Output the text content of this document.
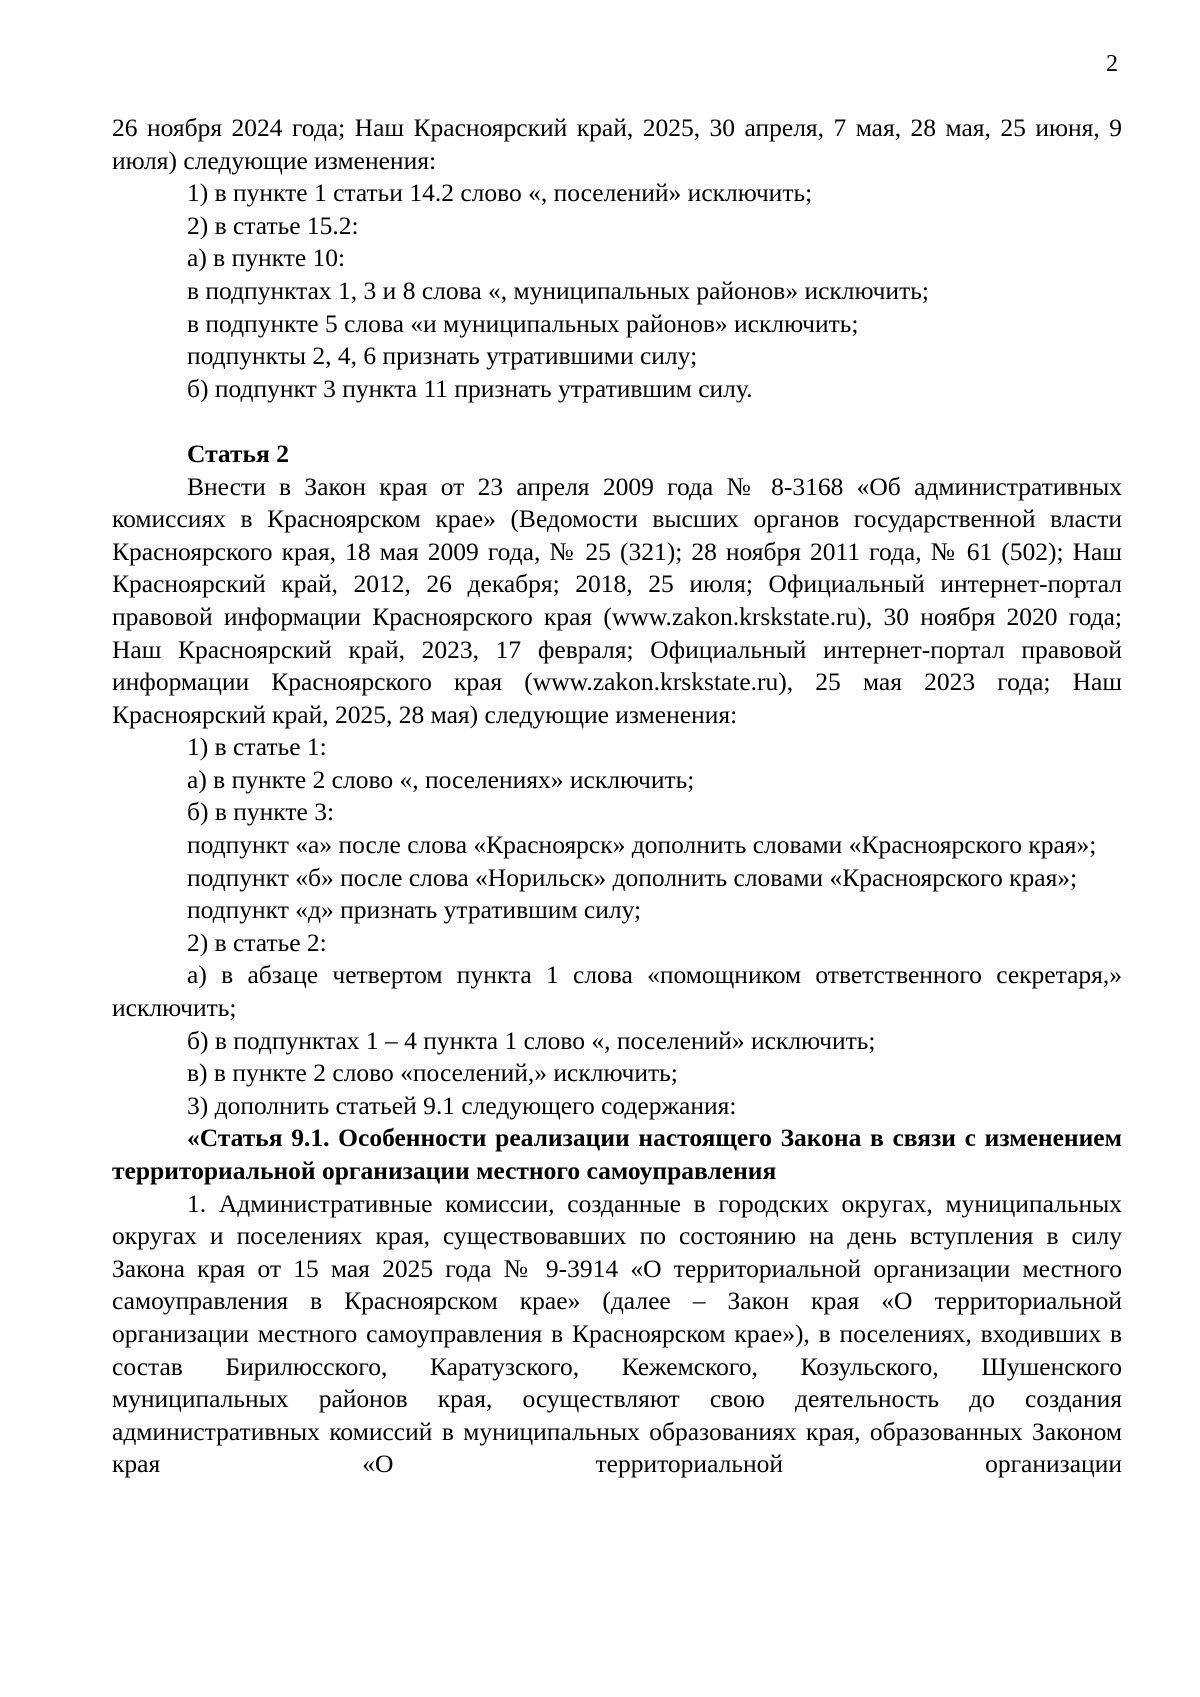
2

26 ноября 2024 года; Наш Красноярский край, 2025, 30 апреля, 7 мая, 28 мая, 25 июня, 9 июля) следующие изменения:

1) в пункте 1 статьи 14.2 слово «, поселений» исключить;

2) в статье 15.2:

а) в пункте 10:

в подпунктах 1, 3 и 8 слова «, муниципальных районов» исключить;

в подпункте 5 слова «и муниципальных районов» исключить;

подпункты 2, 4, 6 признать утратившими силу;

б) подпункт 3 пункта 11 признать утратившим силу.

Статья 2

Внести в Закон края от 23 апреля 2009 года № 8-3168 «Об административных комиссиях в Красноярском крае» (Ведомости высших органов государственной власти Красноярского края, 18 мая 2009 года, № 25 (321); 28 ноября 2011 года, № 61 (502); Наш Красноярский край, 2012, 26 декабря; 2018, 25 июля; Официальный интернет-портал правовой информации Красноярского края (www.zakon.krskstate.ru), 30 ноября 2020 года; Наш Красноярский край, 2023, 17 февраля; Официальный интернет-портал правовой информации Красноярского края (www.zakon.krskstate.ru), 25 мая 2023 года; Наш Красноярский край, 2025, 28 мая) следующие изменения:

1) в статье 1:

а) в пункте 2 слово «, поселениях» исключить;

б) в пункте 3:

подпункт «а» после слова «Красноярск» дополнить словами «Красноярского края»;

подпункт «б» после слова «Норильск» дополнить словами «Красноярского края»;

подпункт «д» признать утратившим силу;

2) в статье 2:

а) в абзаце четвертом пункта 1 слова «помощником ответственного секретаря,» исключить;

б) в подпунктах 1 – 4 пункта 1 слово «, поселений» исключить;

в) в пункте 2 слово «поселений,» исключить;

3) дополнить статьей 9.1 следующего содержания:

«Статья 9.1. Особенности реализации настоящего Закона в связи с изменением территориальной организации местного самоуправления

1. Административные комиссии, созданные в городских округах, муниципальных округах и поселениях края, существовавших по состоянию на день вступления в силу Закона края от 15 мая 2025 года № 9-3914 «О территориальной организации местного самоуправления в Красноярском крае» (далее – Закон края «О территориальной организации местного самоуправления в Красноярском крае»), в поселениях, входивших в состав Бирилюсского, Каратузского, Кежемского, Козульского, Шушенского муниципальных районов края, осуществляют свою деятельность до создания административных комиссий в муниципальных образованиях края, образованных Законом края «О территориальной организации
